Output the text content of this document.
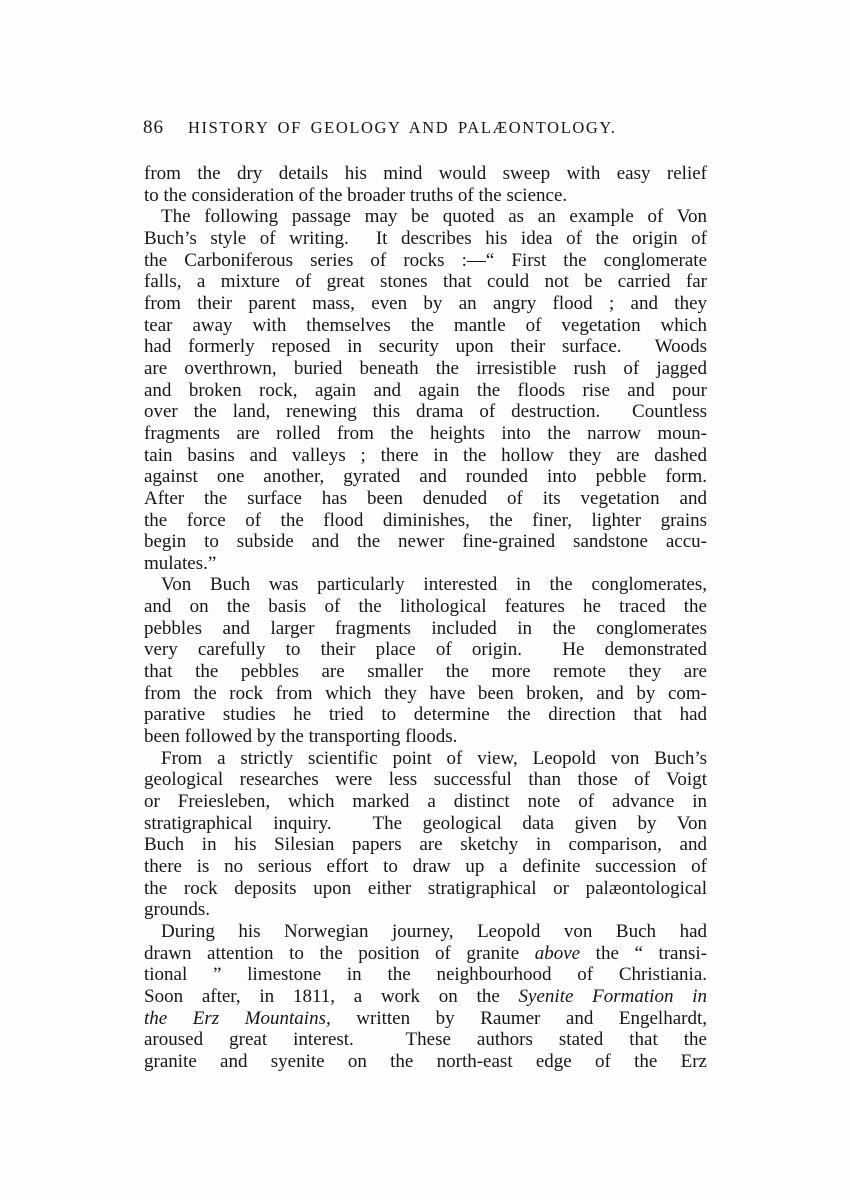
86 HISTORY OF GEOLOGY AND PALÆONTOLOGY.
from the dry details his mind would sweep with easy relief
to the consideration of the broader truths of the science.
The following passage may be quoted as an example of Von
Buch’s style of writing.  It describes his idea of the origin of
the Carboniferous series of rocks :—“ First the conglomerate
falls, a mixture of great stones that could not be carried far
from their parent mass, even by an angry flood ; and they
tear away with themselves the mantle of vegetation which
had formerly reposed in security upon their surface.  Woods
are overthrown, buried beneath the irresistible rush of jagged
and broken rock, again and again the floods rise and pour
over the land, renewing this drama of destruction.  Countless
fragments are rolled from the heights into the narrow moun-
tain basins and valleys ; there in the hollow they are dashed
against one another, gyrated and rounded into pebble form.
After the surface has been denuded of its vegetation and
the force of the flood diminishes, the finer, lighter grains
begin to subside and the newer fine-grained sandstone accu-
mulates.”
Von Buch was particularly interested in the conglomerates,
and on the basis of the lithological features he traced the
pebbles and larger fragments included in the conglomerates
very carefully to their place of origin.  He demonstrated
that the pebbles are smaller the more remote they are
from the rock from which they have been broken, and by com-
parative studies he tried to determine the direction that had
been followed by the transporting floods.
From a strictly scientific point of view, Leopold von Buch’s
geological researches were less successful than those of Voigt
or Freiesleben, which marked a distinct note of advance in
stratigraphical inquiry.  The geological data given by Von
Buch in his Silesian papers are sketchy in comparison, and
there is no serious effort to draw up a definite succession of
the rock deposits upon either stratigraphical or palæontological
grounds.
During his Norwegian journey, Leopold von Buch had
drawn attention to the position of granite above the “ transi-
tional ” limestone in the neighbourhood of Christiania.
Soon after, in 1811, a work on the Syenite Formation in
the Erz Mountains, written by Raumer and Engelhardt,
aroused great interest.  These authors stated that the
granite and syenite on the north-east edge of the Erz
